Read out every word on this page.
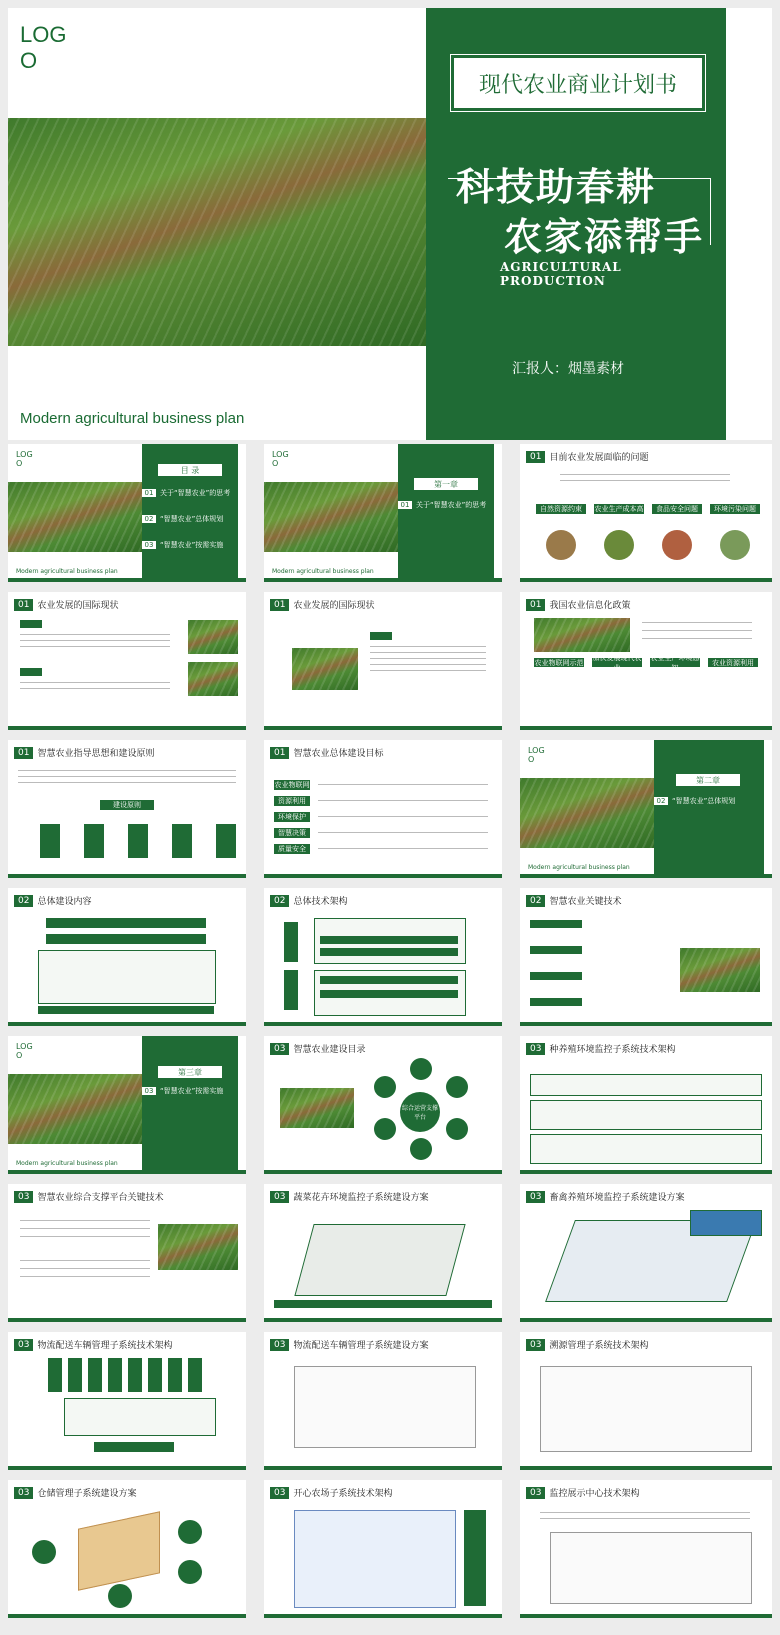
LOG O
Modern agricultural business plan
现代农业商业计划书
科技助春耕
农家添帮手
AGRICULTURAL PRODUCTION
汇报人：烟墨素材
LOG O
Modern agricultural business plan
目 录
01 关于“智慧农业”的思考
02 “智慧农业”总体规划
03 “智慧农业”按需实施
LOG O
Modern agricultural business plan
第一章
01 关于“智慧农业”的思考
01 目前农业发展面临的问题
自然资源约束	农业生产成本高	食品安全问题	环境污染问题
01 农业发展的国际现状	01 农业发展的国际现状	01 我国农业信息化政策
农业物联网示范
加快发展现代农业
农业生产环境感知
农业资源利用
01 智慧农业指导思想和建设原则
建设原则
01 智慧农业总体建设目标
农业物联网
资源利用
环境保护
智慧决策
质量安全
LOG O
Modern agricultural business plan
第二章
02 “智慧农业”总体规划
02 总体建设内容	02 总体技术架构	02 智慧农业关键技术
LOG O
Modern agricultural business plan
第三章
03 “智慧农业”按需实施
03 智慧农业建设目录
综合运营支撑平台
03 种养殖环境监控子系统技术架构
03 智慧农业综合支撑平台关键技术	03 蔬菜花卉环境监控子系统建设方案	03 畜禽养殖环境监控子系统建设方案
03 物流配送车辆管理子系统技术架构	03 物流配送车辆管理子系统建设方案	03 溯源管理子系统技术架构
03 仓储管理子系统建设方案	03 开心农场子系统技术架构	03 监控展示中心技术架构
